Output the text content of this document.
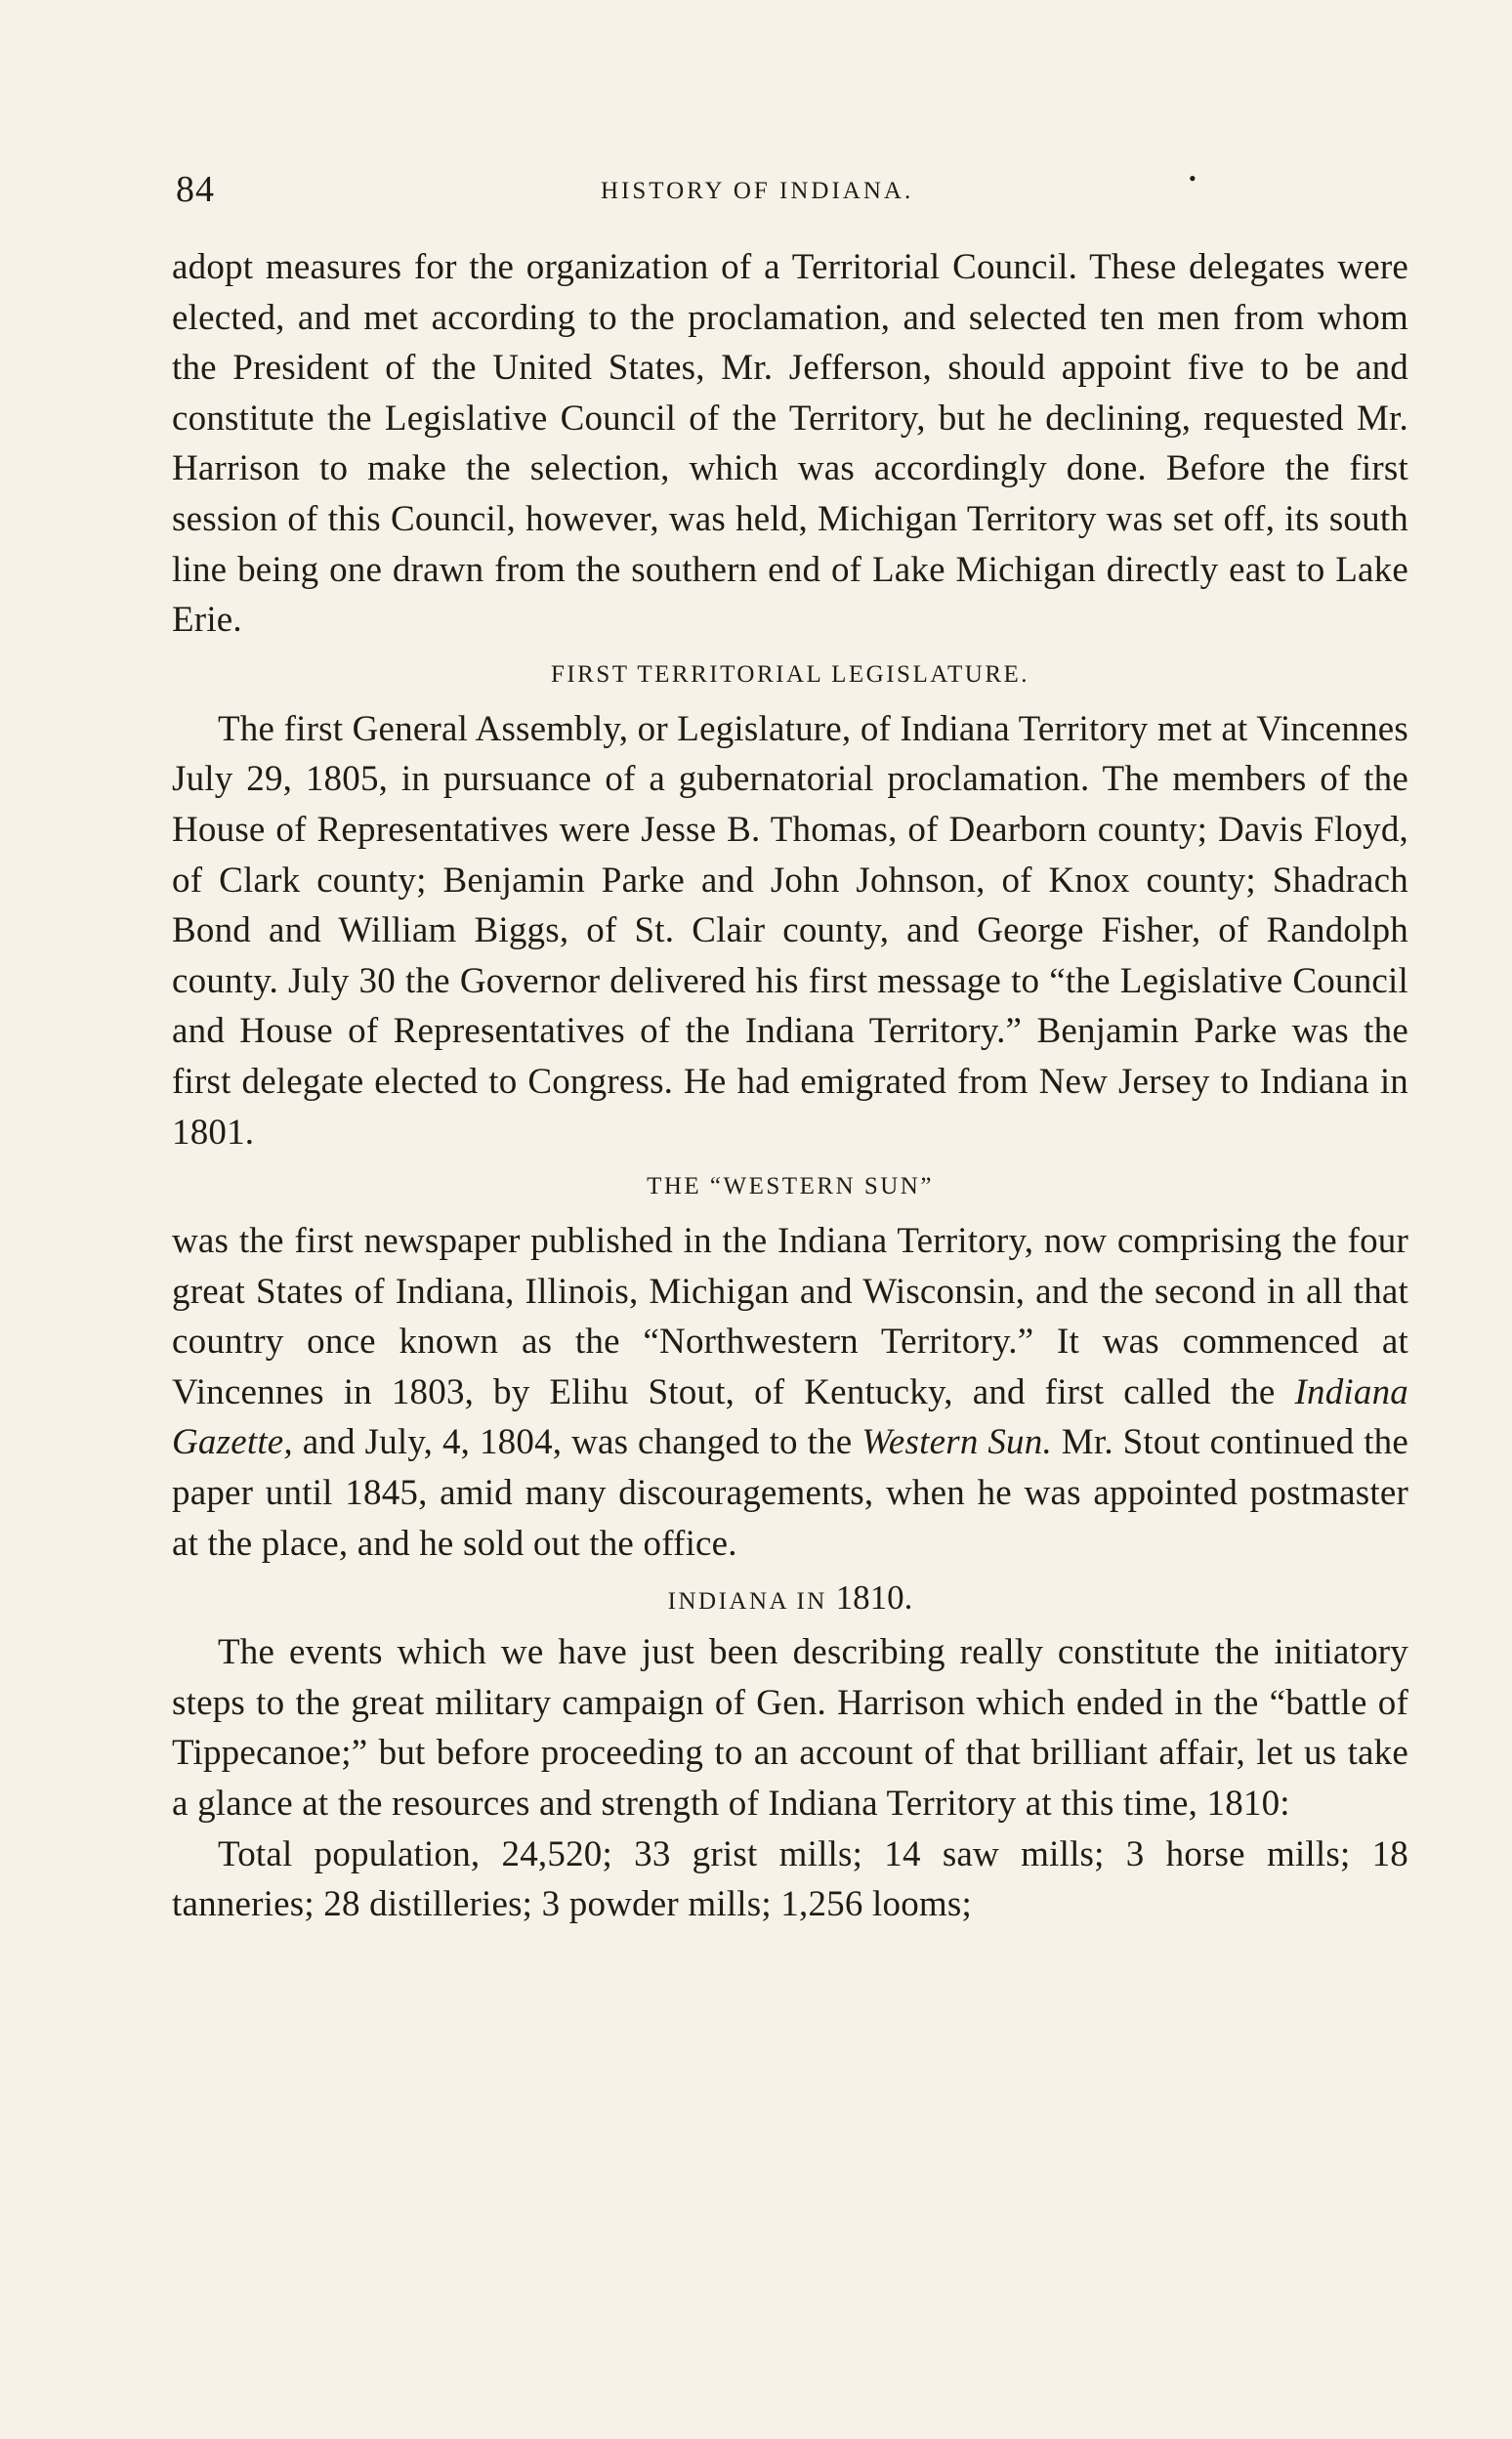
84	HISTORY OF INDIANA.	•

adopt measures for the organization of a Territorial Council. These delegates were elected, and met according to the proclamation, and selected ten men from whom the President of the United States, Mr. Jefferson, should appoint five to be and constitute the Legislative Council of the Territory, but he declining, requested Mr. Harrison to make the selection, which was accordingly done. Before the first session of this Council, however, was held, Michigan Territory was set off, its south line being one drawn from the southern end of Lake Michigan directly east to Lake Erie.

FIRST TERRITORIAL LEGISLATURE.

The first General Assembly, or Legislature, of Indiana Territory met at Vincennes July 29, 1805, in pursuance of a gubernatorial proclamation. The members of the House of Representatives were Jesse B. Thomas, of Dearborn county; Davis Floyd, of Clark county; Benjamin Parke and John Johnson, of Knox county; Shadrach Bond and William Biggs, of St. Clair county, and George Fisher, of Randolph county. July 30 the Governor delivered his first message to “the Legislative Council and House of Representatives of the Indiana Territory.” Benjamin Parke was the first delegate elected to Congress. He had emigrated from New Jersey to Indiana in 1801.

THE “WESTERN SUN”

was the first newspaper published in the Indiana Territory, now comprising the four great States of Indiana, Illinois, Michigan and Wisconsin, and the second in all that country once known as the “Northwestern Territory.” It was commenced at Vincennes in 1803, by Elihu Stout, of Kentucky, and first called the Indiana Gazette, and July, 4, 1804, was changed to the Western Sun. Mr. Stout continued the paper until 1845, amid many discouragements, when he was appointed postmaster at the place, and he sold out the office.

INDIANA IN 1810.

The events which we have just been describing really constitute the initiatory steps to the great military campaign of Gen. Harrison which ended in the “battle of Tippecanoe;” but before proceeding to an account of that brilliant affair, let us take a glance at the resources and strength of Indiana Territory at this time, 1810:

Total population, 24,520; 33 grist mills; 14 saw mills; 3 horse mills; 18 tanneries; 28 distilleries; 3 powder mills; 1,256 looms;
